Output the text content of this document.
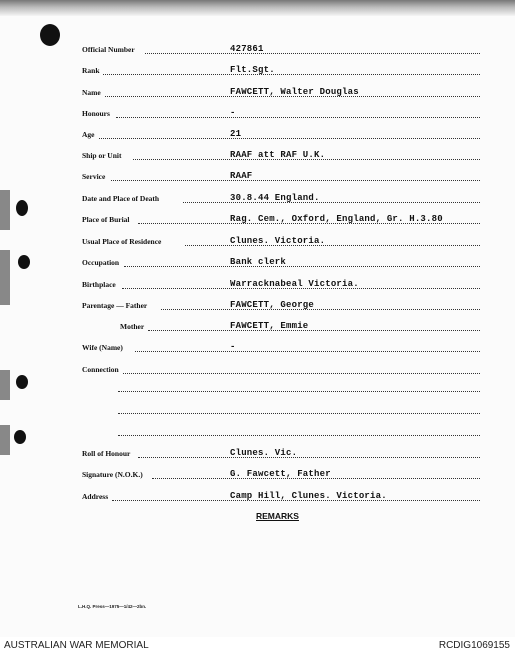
Official Number	427861
Rank	Flt.Sgt.
Name	FAWCETT, Walter Douglas
Honours	-
Age	21
Ship or Unit	RAAF att RAF U.K.
Service	RAAF
Date and Place of Death	30.8.44 England.
Place of Burial	Rag. Cem., Oxford, England, Gr. H.3.80
Usual Place of Residence	Clunes. Victoria.
Occupation	Bank clerk
Birthplace	Warracknabeal Victoria.
Parentage — Father	FAWCETT, George
Mother	FAWCETT, Emmie
Wife (Name)	-
Connection
Roll of Honour	Clunes. Vic.
Signature (N.O.K.)	G. Fawcett, Father
Address	Camp Hill, Clunes. Victoria.
REMARKS
L.H.Q. Press—1975—1/42—2bn.
AUSTRALIAN WAR MEMORIAL	RCDIG1069155
